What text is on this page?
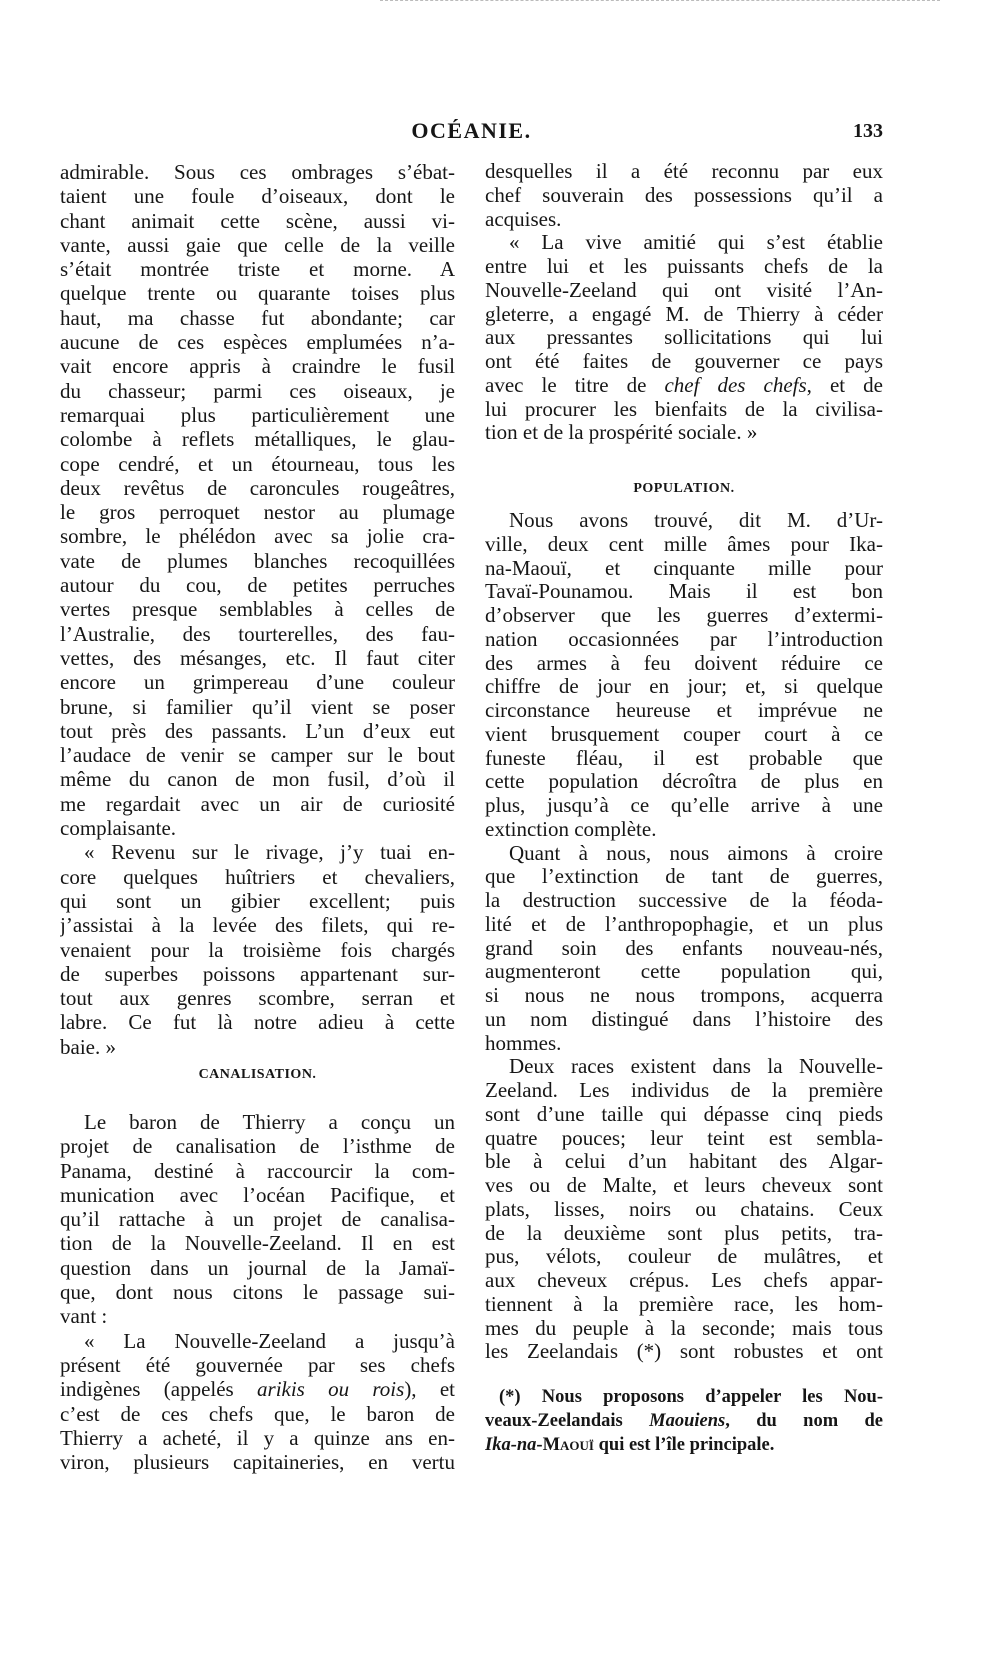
OCÉANIE.	133
admirable. Sous ces ombrages s’ébat-
taient une foule d’oiseaux, dont le
chant animait cette scène, aussi vi-
vante, aussi gaie que celle de la veille
s’était montrée triste et morne. A
quelque trente ou quarante toises plus
haut, ma chasse fut abondante; car
aucune de ces espèces emplumées n’a-
vait encore appris à craindre le fusil
du chasseur; parmi ces oiseaux, je
remarquai plus particulièrement une
colombe à reflets métalliques, le glau-
cope cendré, et un étourneau, tous les
deux revêtus de caroncules rougeâtres,
le gros perroquet nestor au plumage
sombre, le phélédon avec sa jolie cra-
vate de plumes blanches recoquillées
autour du cou, de petites perruches
vertes presque semblables à celles de
l’Australie, des tourterelles, des fau-
vettes, des mésanges, etc. Il faut citer
encore un grimpereau d’une couleur
brune, si familier qu’il vient se poser
tout près des passants. L’un d’eux eut
l’audace de venir se camper sur le bout
même du canon de mon fusil, d’où il
me regardait avec un air de curiosité
complaisante.
« Revenu sur le rivage, j’y tuai en-
core quelques huîtriers et chevaliers,
qui sont un gibier excellent; puis
j’assistai à la levée des filets, qui re-
venaient pour la troisième fois chargés
de superbes poissons appartenant sur-
tout aux genres scombre, serran et
labre. Ce fut là notre adieu à cette
baie. »
CANALISATION.
Le baron de Thierry a conçu un
projet de canalisation de l’isthme de
Panama, destiné à raccourcir la com-
munication avec l’océan Pacifique, et
qu’il rattache à un projet de canalisa-
tion de la Nouvelle-Zeeland. Il en est
question dans un journal de la Jamaï-
que, dont nous citons le passage sui-
vant :
« La Nouvelle-Zeeland a jusqu’à
présent été gouvernée par ses chefs
indigènes (appelés arikis ou rois), et
c’est de ces chefs que, le baron de
Thierry a acheté, il y a quinze ans en-
viron, plusieurs capitaineries, en vertu
desquelles il a été reconnu par eux
chef souverain des possessions qu’il a
acquises.
« La vive amitié qui s’est établie
entre lui et les puissants chefs de la
Nouvelle-Zeeland qui ont visité l’An-
gleterre, a engagé M. de Thierry à céder
aux pressantes sollicitations qui lui
ont été faites de gouverner ce pays
avec le titre de chef des chefs, et de
lui procurer les bienfaits de la civilisa-
tion et de la prospérité sociale. »
POPULATION.
Nous avons trouvé, dit M. d’Ur-
ville, deux cent mille âmes pour Ika-
na-Maouï, et cinquante mille pour
Tavaï-Pounamou. Mais il est bon
d’observer que les guerres d’extermi-
nation occasionnées par l’introduction
des armes à feu doivent réduire ce
chiffre de jour en jour; et, si quelque
circonstance heureuse et imprévue ne
vient brusquement couper court à ce
funeste fléau, il est probable que
cette population décroîtra de plus en
plus, jusqu’à ce qu’elle arrive à une
extinction complète.
Quant à nous, nous aimons à croire
que l’extinction de tant de guerres,
la destruction successive de la féoda-
lité et de l’anthropophagie, et un plus
grand soin des enfants nouveau-nés,
augmenteront cette population qui,
si nous ne nous trompons, acquerra
un nom distingué dans l’histoire des
hommes.
Deux races existent dans la Nouvelle-
Zeeland. Les individus de la première
sont d’une taille qui dépasse cinq pieds
quatre pouces; leur teint est sembla-
ble à celui d’un habitant des Algar-
ves ou de Malte, et leurs cheveux sont
plats, lisses, noirs ou chatains. Ceux
de la deuxième sont plus petits, tra-
pus, vélots, couleur de mulâtres, et
aux cheveux crépus. Les chefs appar-
tiennent à la première race, les hom-
mes du peuple à la seconde; mais tous
les Zeelandais (*) sont robustes et ont
(*) Nous proposons d’appeler les Nou-
veaux-Zeelandais Maouiens, du nom de
Ika-na-Maouï qui est l’île principale.
